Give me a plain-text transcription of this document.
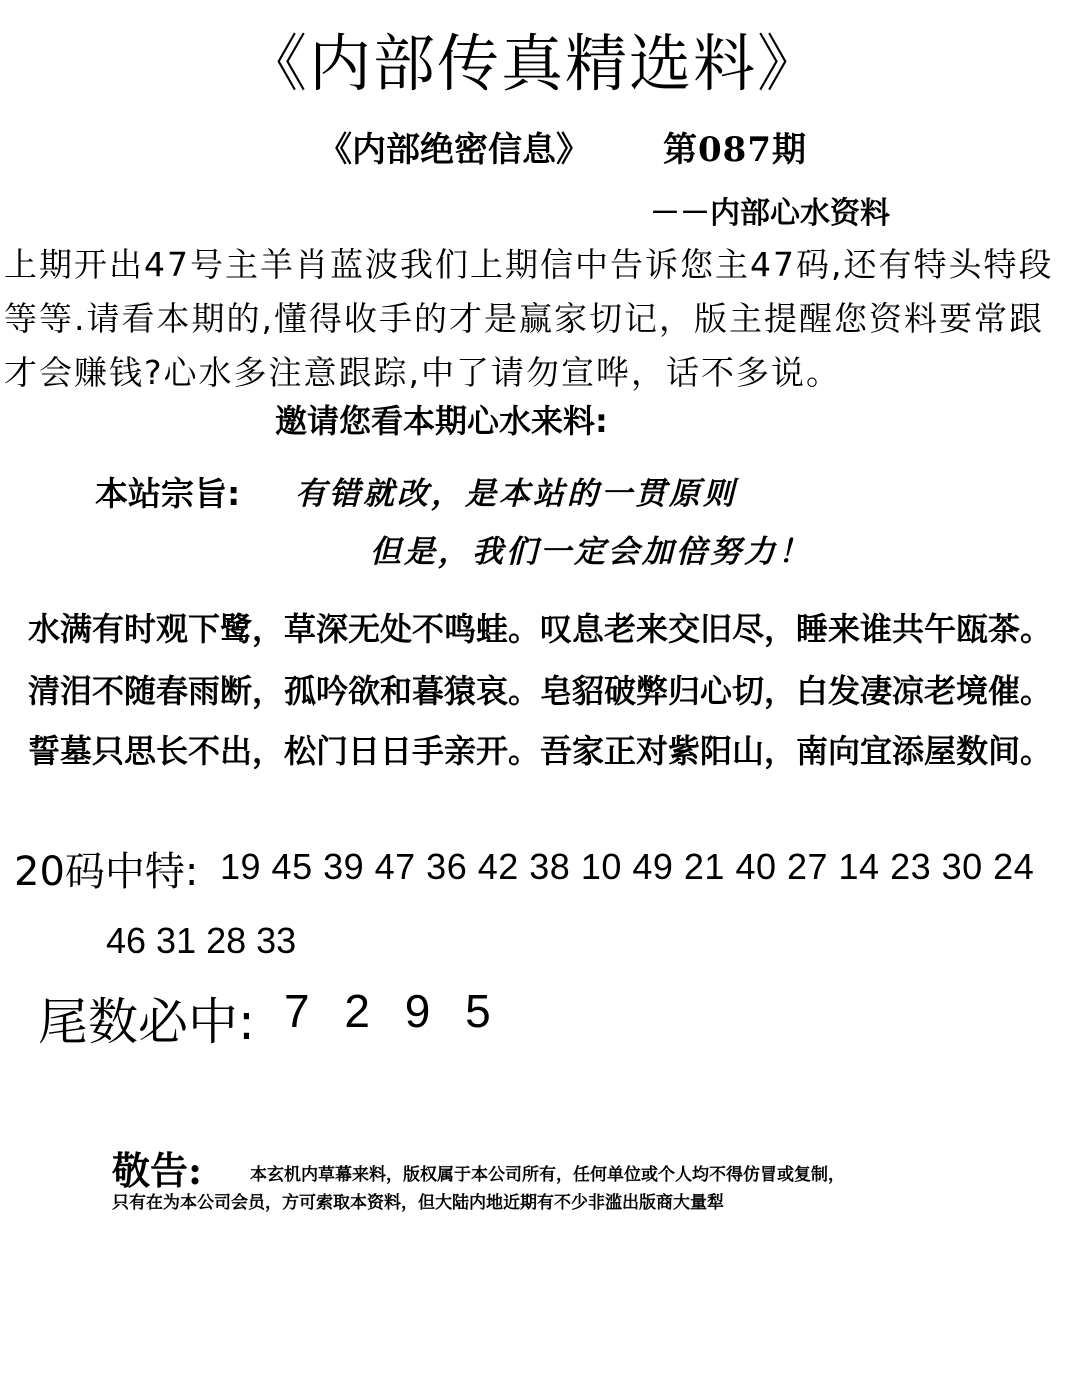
《内部传真精选料》
《内部绝密信息》 第087期
－－内部心水资料
上期开出47号主羊肖蓝波我们上期信中告诉您主47码,还有特头特段等等.请看本期的,懂得收手的才是赢家切记，版主提醒您资料要常跟才会赚钱?心水多注意跟踪,中了请勿宣哗，话不多说。
邀请您看本期心水来料:
本站宗旨: 有错就改，是本站的一贯原则
但是，我们一定会加倍努力！
水满有时观下鹭，草深无处不鸣蛙。叹息老来交旧尽，睡来谁共午瓯茶。
清泪不随春雨断，孤吟欲和暮猿哀。皂貂破弊归心切，白发凄凉老境催。
誓墓只思长不出，松门日日手亲开。吾家正对紫阳山，南向宜添屋数间。
20码中特: 19 45 39 47 36 42 38 10 49 21 40 27 14 23 30 24
46 31 28 33
尾数必中: 7 2 9 5
敬告:	本玄机内草幕来料，版权属于本公司所有，任何单位或个人均不得仿冒或复制，
只有在为本公司会员，方可索取本资料，但大陆内地近期有不少非滥出版商大量犁
